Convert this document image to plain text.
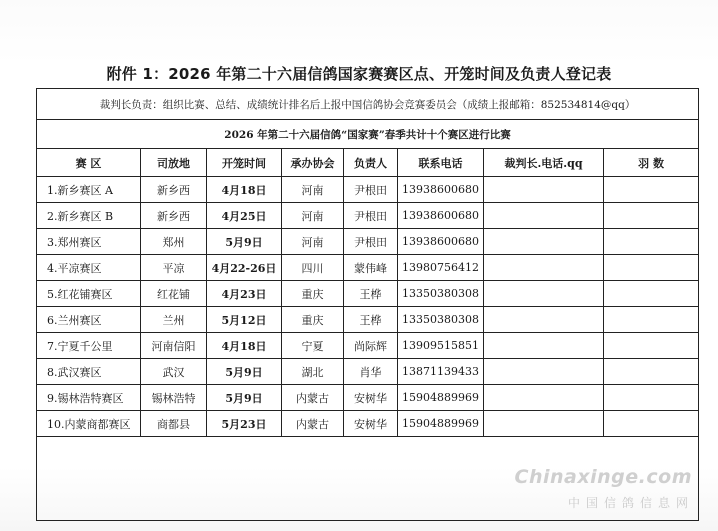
附件 1：2026 年第二十六届信鸽国家赛赛区点、开笼时间及负责人登记表
裁判长负责：组织比赛、总结、成绩统计排名后上报中国信鸽协会竞赛委员会（成绩上报邮箱：852534814@qq）							
2026 年第二十六届信鸽“国家赛”春季共计十个赛区进行比赛							
赛 区	司放地	开笼时间	承办协会	负责人	联系电话	裁判长.电话.qq	羽 数
1.新乡赛区 A	新乡西	4月18日	河南	尹根田	13938600680		
2.新乡赛区 B	新乡西	4月25日	河南	尹根田	13938600680		
3.郑州赛区	郑州	5月9日	河南	尹根田	13938600680		
4.平凉赛区	平凉	4月22-26日	四川	蒙伟峰	13980756412		
5.红花铺赛区	红花铺	4月23日	重庆	王桦	13350380308		
6.兰州赛区	兰州	5月12日	重庆	王桦	13350380308		
7.宁夏千公里	河南信阳	4月18日	宁夏	尚际辉	13909515851		
8.武汉赛区	武汉	5月9日	湖北	肖华	13871139433		
9.锡林浩特赛区	锡林浩特	5月9日	内蒙古	安树华	15904889969		
10.内蒙商都赛区	商都县	5月23日	内蒙古	安树华	15904889969		

Chinaxinge.com
中国信鸽信息网
